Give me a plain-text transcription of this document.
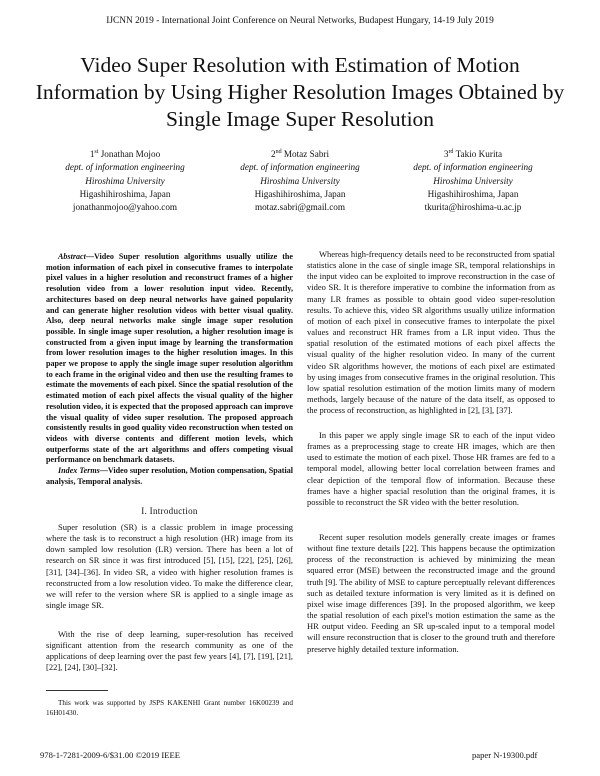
IJCNN 2019 - International Joint Conference on Neural Networks, Budapest Hungary, 14-19 July 2019
Video Super Resolution with Estimation of Motion Information by Using Higher Resolution Images Obtained by Single Image Super Resolution
1st Jonathan Mojoo
dept. of information engineering
Hiroshima University
Higashihiroshima, Japan
jonathanmojoo@yahoo.com
2nd Motaz Sabri
dept. of information engineering
Hiroshima University
Higashihiroshima, Japan
motaz.sabri@gmail.com
3rd Takio Kurita
dept. of information engineering
Hiroshima University
Higashihiroshima, Japan
tkurita@hiroshima-u.ac.jp
Abstract—Video Super resolution algorithms usually utilize the motion information of each pixel in consecutive frames to interpolate pixel values in a higher resolution and reconstruct frames of a higher resolution video from a lower resolution input video. Recently, architectures based on deep neural networks have gained popularity and can generate higher resolution videos with better visual quality. Also, deep neural networks make single image super resolution possible. In single image super resolution, a higher resolution image is constructed from a given input image by learning the transformation from lower resolution images to the higher resolution images. In this paper we propose to apply the single image super resolution algorithm to each frame in the original video and then use the resulting frames to estimate the movements of each pixel. Since the spatial resolution of the estimated motion of each pixel affects the visual quality of the higher resolution video, it is expected that the proposed approach can improve the visual quality of video super resolution. The proposed approach consistently results in good quality video reconstruction when tested on videos with diverse contents and different motion levels, which outperforms state of the art algorithms and offers competing visual performance on benchmark datasets.
Index Terms—Video super resolution, Motion compensation, Spatial analysis, Temporal analysis.
I. Introduction

Super resolution (SR) is a classic problem in image processing where the task is to reconstruct a high resolution (HR) image from its down sampled low resolution (LR) version. There has been a lot of research on SR since it was first introduced [5], [15], [22], [25], [26], [31], [34]–[36]. In video SR, a video with higher resolution frames is reconstructed from a low resolution video. To make the difference clear, we will refer to the version where SR is applied to a single image as single image SR.

With the rise of deep learning, super-resolution has received significant attention from the research community as one of the applications of deep learning over the past few years [4], [7], [19], [21], [22], [24], [30]–[32].

This work was supported by JSPS KAKENHI Grant number 16K00239 and 16H01430.

Whereas high-frequency details need to be reconstructed from spatial statistics alone in the case of single image SR, temporal relationships in the input video can be exploited to improve reconstruction in the case of video SR. It is therefore imperative to combine the information from as many LR frames as possible to obtain good video super-resolution results. To achieve this, video SR algorithms usually utilize information of motion of each pixel in consecutive frames to interpolate the pixel values and reconstruct HR frames from a LR input video. Thus the spatial resolution of the estimated motions of each pixel affects the visual quality of the higher resolution video. In many of the current video SR algorithms however, the motions of each pixel are estimated by using images from consecutive frames in the original resolution. This low spatial resolution estimation of the motion limits many of modern methods, largely because of the nature of the data itself, as opposed to the process of reconstruction, as highlighted in [2], [3], [37].

In this paper we apply single image SR to each of the input video frames as a preprocessing stage to create HR images, which are then used to estimate the motion of each pixel. Those HR frames are fed to a temporal model, allowing better local correlation between frames and clear depiction of the temporal flow of information. Because these frames have a higher spacial resolution than the original frames, it is possible to reconstruct the SR video with the better resolution.

Recent super resolution models generally create images or frames without fine texture details [22]. This happens because the optimization process of the reconstruction is achieved by minimizing the mean squared error (MSE) between the reconstructed image and the ground truth [9]. The ability of MSE to capture perceptually relevant differences such as detailed texture information is very limited as it is defined on pixel wise image differences [39]. In the proposed algorithm, we keep the spatial resolution of each pixel's motion estimation the same as the HR output video. Feeding an SR up-scaled input to a temporal model will ensure reconstruction that is closer to the ground truth and therefore preserve highly detailed texture information.

978-1-7281-2009-6/$31.00 ©2019 IEEE	paper N-19300.pdf
